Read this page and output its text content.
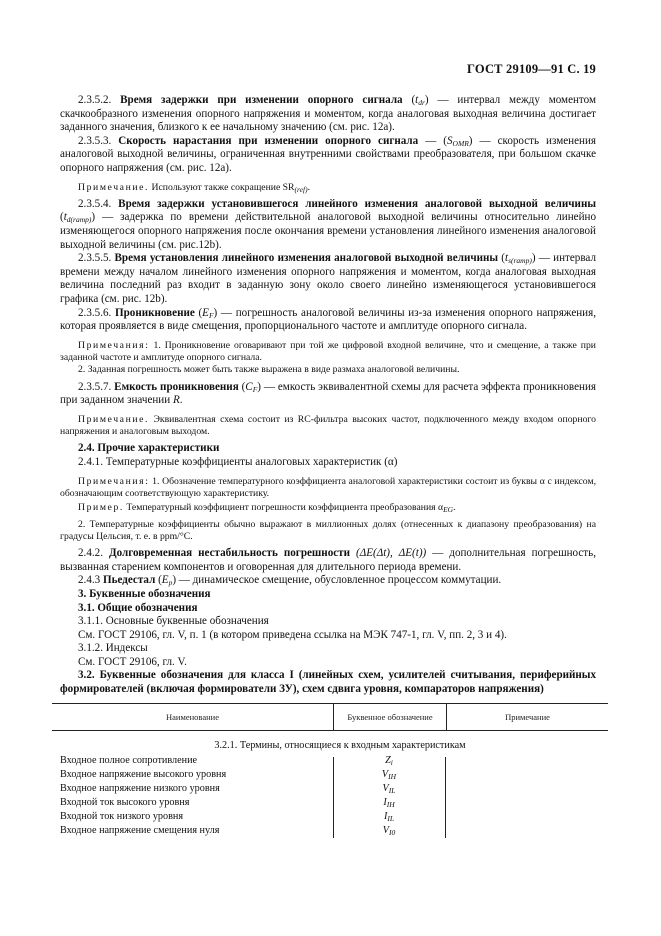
ГОСТ 29109—91 С. 19

2.3.5.2. Время задержки при изменении опорного сигнала $(t_{dr})$ — интервал между моментом скачкообразного изменения опорного напряжения и моментом, когда аналоговая выходная величина достигает заданного значения, близкого к ее начальному значению (см. рис. 12а).

2.3.5.3. Скорость нарастания при изменении опорного сигнала — $(S_{OMR})$ — скорость изменения аналоговой выходной величины, ограниченная внутренними свойствами преобразователя, при большом скачке опорного напряжения (см. рис. 12а).

Примечание. Используют также сокращение $SR_{(ref)}$.

2.3.5.4. Время задержки установившегося линейного изменения аналоговой выходной величины $(t_{d(ramp)})$ — задержка по времени действительной аналоговой выходной величины относительно линейно изменяющегося опорного напряжения после окончания времени установления линейного изменения аналоговой выходной величины (см. рис.12b).

2.3.5.5. Время установления линейного изменения аналоговой выходной величины $(t_{s(ramp)})$ — интервал времени между началом линейного изменения опорного напряжения и моментом, когда аналоговая выходная величина последний раз входит в заданную зону около своего линейно изменяющегося установившегося графика (см. рис. 12b).

2.3.5.6. Проникновение $(E_F)$ — погрешность аналоговой величины из-за изменения опорного напряжения, которая проявляется в виде смещения, пропорционального частоте и амплитуде опорного сигнала.

Примечания: 1. Проникновение оговаривают при той же цифровой входной величине, что и смещение, а также при заданной частоте и амплитуде опорного сигнала.

2. Заданная погрешность может быть также выражена в виде размаха аналоговой величины.

2.3.5.7. Емкость проникновения $(C_F)$ — емкость эквивалентной схемы для расчета эффекта проникновения при заданном значении R.

Примечание. Эквивалентная схема состоит из RC-фильтра высоких частот, подключенного между входом опорного напряжения и аналоговым выходом.

2.4. Прочие характеристики

2.4.1. Температурные коэффициенты аналоговых характеристик (α)

Примечания: 1. Обозначение температурного коэффициента аналоговой характеристики состоит из буквы α с индексом, обозначающим соответствующую характеристику.

Пример. Температурный коэффициент погрешности коэффициента преобразования $\alpha_{EG}$.

2. Температурные коэффициенты обычно выражают в миллионных долях (отнесенных к диапазону преобразования) на градусы Цельсия, т. е. в ppm/°C.

2.4.2. Долговременная нестабильность погрешности (ΔE(Δt), ΔE(t)) — дополнительная погрешность, вызванная старением компонентов и оговоренная для длительного периода времени.

2.4.3 Пьедестал $(E_p)$ — динамическое смещение, обусловленное процессом коммутации.

3. Буквенные обозначения

3.1. Общие обозначения

3.1.1. Основные буквенные обозначения

См. ГОСТ 29106, гл. V, п. 1 (в котором приведена ссылка на МЭК 747-1, гл. V, пп. 2, 3 и 4).

3.1.2. Индексы

См. ГОСТ 29106, гл. V.

3.2. Буквенные обозначения для класса I (линейных схем, усилителей считывания, периферийных формирователей (включая формирователи ЗУ), схем сдвига уровня, компараторов напряжения)

Наименование	Буквенное обозначение	Примечание
3.2.1. Термины, относящиеся к входным характеристикам
Входное полное сопротивление	$Z_i$
Входное напряжение высокого уровня	$V_{IH}$
Входное напряжение низкого уровня	$V_{IL}$
Входной ток высокого уровня	$I_{IH}$
Входной ток низкого уровня	$I_{IL}$
Входное напряжение смещения нуля	$V_{I0}$
